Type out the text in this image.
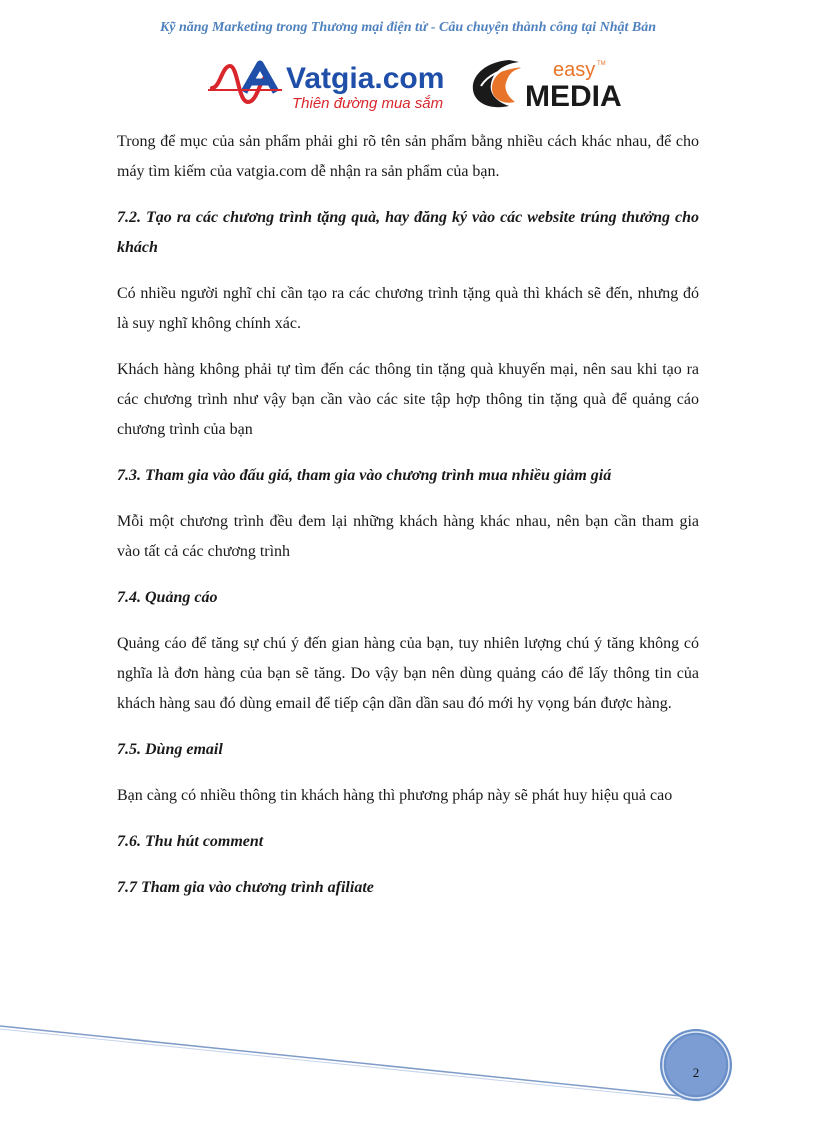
Kỹ năng Marketing trong Thương mại điện tử - Câu chuyện thành công tại Nhật Bản
Vatgia.com
Thiên đường mua sắm
easy TM
MEDIA

Trong để mục của sản phẩm phải ghi rõ tên sản phẩm bằng nhiều cách khác nhau, để cho máy tìm kiếm của vatgia.com dễ nhận ra sản phẩm của bạn.

7.2. Tạo ra các chương trình tặng quà, hay đăng ký vào các website trúng thưởng cho khách

Có nhiều người nghĩ chỉ cần tạo ra các chương trình tặng quà thì khách sẽ đến, nhưng đó là suy nghĩ không chính xác.

Khách hàng không phải tự tìm đến các thông tin tặng quà khuyến mại, nên sau khi tạo ra các chương trình như vậy bạn cần vào các site tập hợp thông tin tặng quà để quảng cáo chương trình của bạn

7.3. Tham gia vào đấu giá, tham gia vào chương trình mua nhiều giảm giá

Mỗi một chương trình đều đem lại những khách hàng khác nhau, nên bạn cần tham gia vào tất cả các chương trình

7.4. Quảng cáo

Quảng cáo để tăng sự chú ý đến gian hàng của bạn, tuy nhiên lượng chú ý tăng không có nghĩa là đơn hàng của bạn sẽ tăng. Do vậy bạn nên dùng quảng cáo để lấy thông tin của khách hàng sau đó dùng email để tiếp cận dần dần sau đó mới hy vọng bán được hàng.

7.5. Dùng email

Bạn càng có nhiều thông tin khách hàng thì phương pháp này sẽ phát huy hiệu quả cao

7.6. Thu hút comment
7.7 Tham gia vào chương trình afiliate
2
